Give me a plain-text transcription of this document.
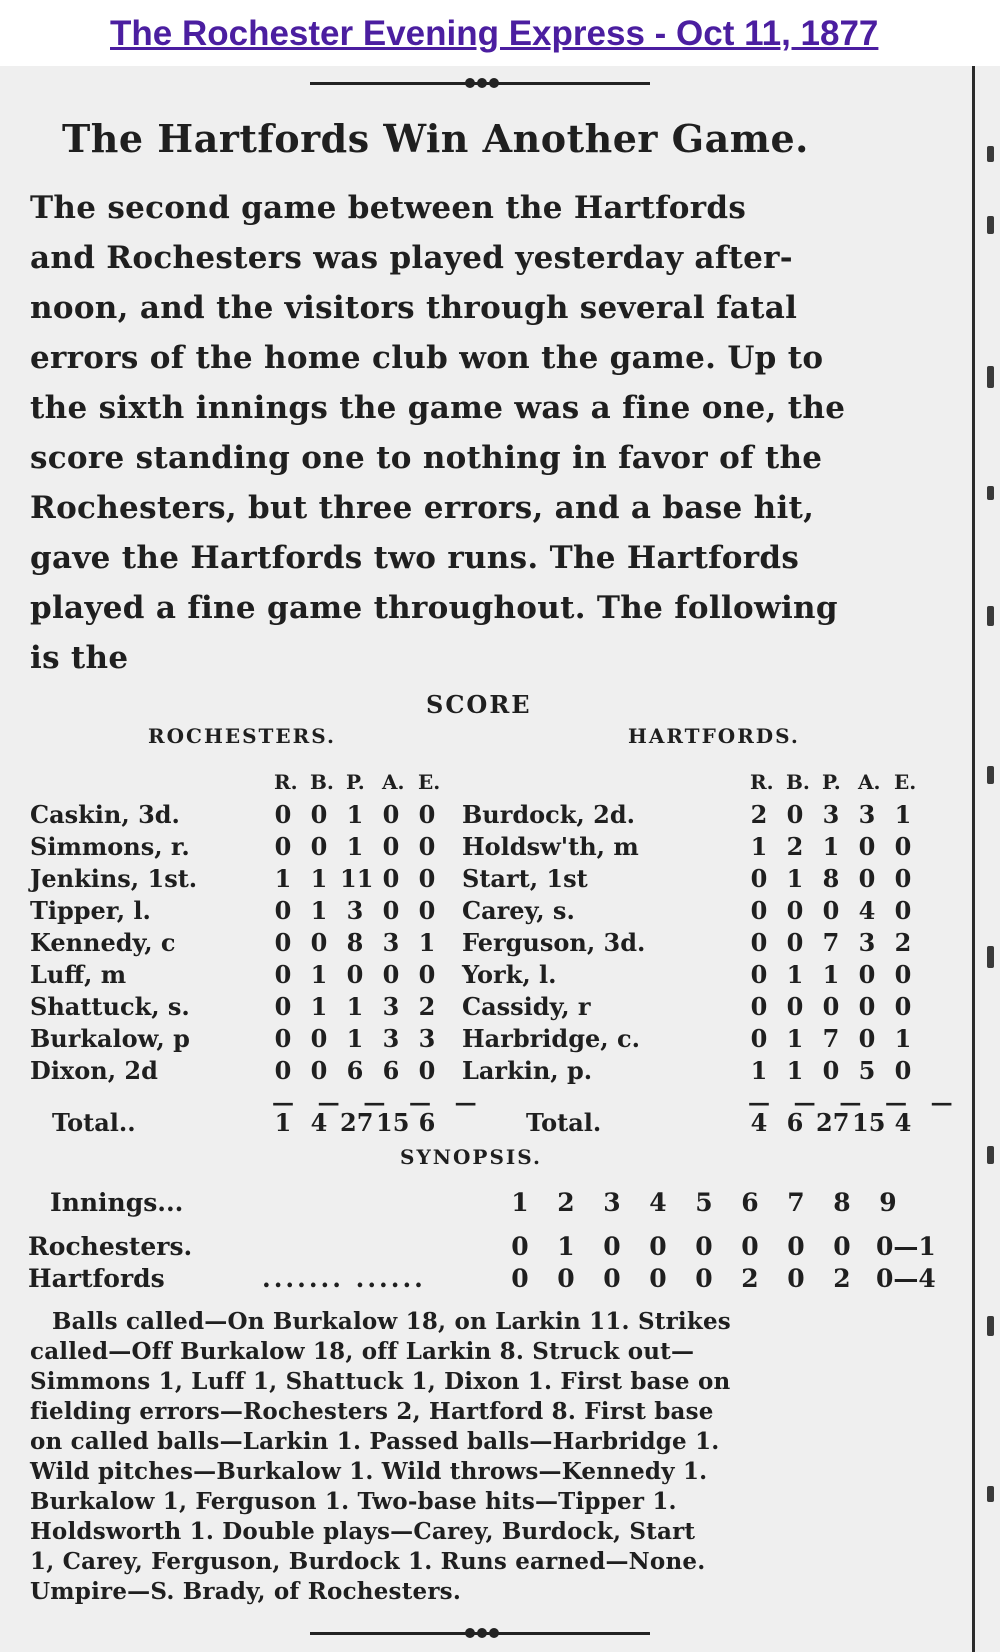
The Rochester Evening Express - Oct 11, 1877
The Hartfords Win Another Game.
The second game between the Hartfords
and Rochesters was played yesterday after-
noon, and the visitors through several fatal
errors of the home club won the game. Up to
the sixth innings the game was a fine one, the
score standing one to nothing in favor of the
Rochesters, but three errors, and a base hit,
gave the Hartfords two runs. The Hartfords
played a fine game throughout. The following
is the
SCORE
ROCHESTERS.	HARTFORDS.
R. B. P. A. E.	R. B. P. A. E.
Caskin, 3d.	0 0 1 0 0 Burdock, 2d.	2 0 3 3 1
Simmons, r.	0 0 1 0 0 Holdsw'th, m	1 2 1 0 0
Jenkins, 1st.	1 1 11 0 0 Start, 1st	0 1 8 0 0
Tipper, l.	0 1 3 0 0 Carey, s.	0 0 0 4 0
Kennedy, c	0 0 8 3 1 Ferguson, 3d.	0 0 7 3 2
Luff, m	0 1 0 0 0 York, l.	0 1 1 0 0
Shattuck, s.	0 1 1 3 2 Cassidy, r	0 0 0 0 0
Burkalow, p	0 0 1 3 3 Harbridge, c.	0 1 7 0 1
Dixon, 2d	0 0 6 6 0 Larkin, p.	1 1 0 5 0
— — — — —	— — — — —
Total..	1 4 27 15 6	Total.	4 6 27 15 4
SYNOPSIS.
Innings...	1 2 3 4 5 6 7 8 9
Rochesters.	0 1 0 0 0 0 0 0 0—1
Hartfords	....... ......	0 0 0 0 0 2 0 2 0—4
Balls called—On Burkalow 18, on Larkin 11. Strikes
called—Off Burkalow 18, off Larkin 8. Struck out—
Simmons 1, Luff 1, Shattuck 1, Dixon 1. First base on
fielding errors—Rochesters 2, Hartford 8. First base
on called balls—Larkin 1. Passed balls—Harbridge 1.
Wild pitches—Burkalow 1. Wild throws—Kennedy 1.
Burkalow 1, Ferguson 1. Two-base hits—Tipper 1.
Holdsworth 1. Double plays—Carey, Burdock, Start
1, Carey, Ferguson, Burdock 1. Runs earned—None.
Umpire—S. Brady, of Rochesters.
